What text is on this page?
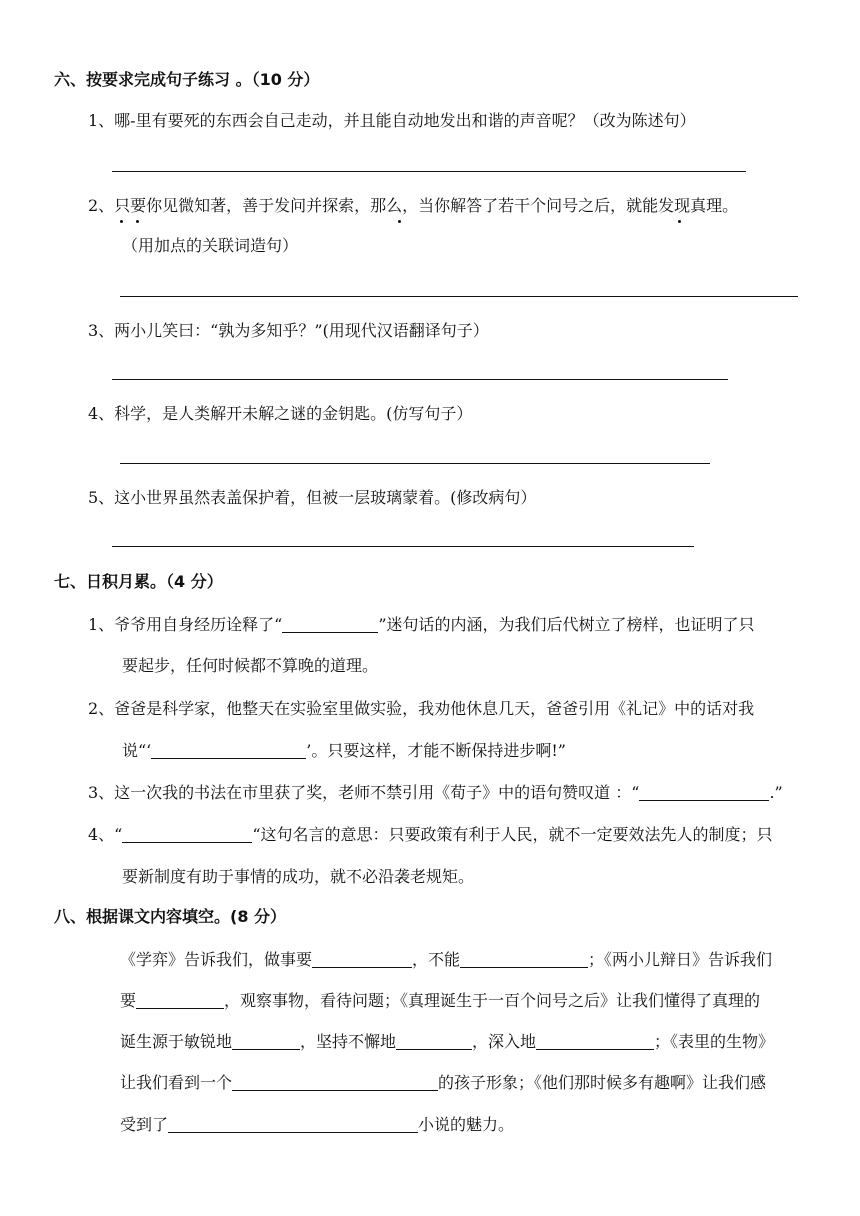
六、按要求完成句子练习 。（10 分）
1、哪-里有要死的东西会自己走动，并且能自动地发出和谐的声音呢？（改为陈述句）
2、只要你见微知著，善于发问并探索，那么，当你解答了若干个问号之后，就能发现真理。
（用加点的关联词造句）
3、两小儿笑曰：“孰为多知乎？”(用现代汉语翻译句子）
4、科学，是人类解开未解之谜的金钥匙。(仿写句子）
5、这小世界虽然表盖保护着，但被一层玻璃蒙着。(修改病句）
七、日积月累。（4 分）
1、爷爷用自身经历诠释了“	”迷句话的内涵，为我们后代树立了榜样，也证明了只
要起步，任何时候都不算晚的道理。
2、爸爸是科学家，他整天在实验室里做实验，我劝他休息几天，爸爸引用《礼记》中的话对我
说“‘	’。只要这样，才能不断保持进步啊!”
3、这一次我的书法在市里获了奖，老师不禁引用《荀子》中的语句赞叹道 ：“	.”
4、“	“这句名言的意思：只要政策有利于人民，就不一定要效法先人的制度；只
要新制度有助于事情的成功，就不必沿袭老规矩。
八、根据课文内容填空。(8 分）
《学弈》告诉我们，做事要	，不能	；《两小儿辩日》告诉我们
要	，观察事物，看待问题；《真理诞生于一百个问号之后》让我们懂得了真理的
诞生源于敏锐地	，坚持不懈地	，深入地	；《表里的生物》
让我们看到一个	的孩子形象；《他们那时候多有趣啊》让我们感
受到了	小说的魅力。
